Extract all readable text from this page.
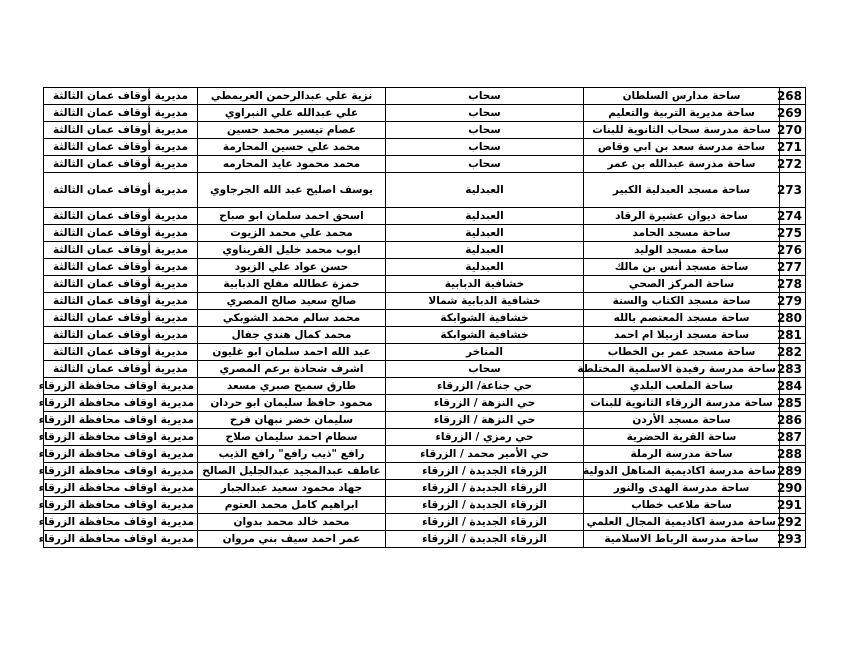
268	ساحة مدارس السلطان	سحاب	نزية علي عبدالرحمن العريمطي	مديرية أوقاف عمان الثالثة
269	ساحة مديرية التربية والتعليم	سحاب	علي عبدالله علي النبراوي	مديرية أوقاف عمان الثالثة
270	ساحة مدرسة سحاب الثانوية للبنات	سحاب	عصام تيسير محمد حسين	مديرية أوقاف عمان الثالثة
271	ساحة مدرسة سعد بن ابي وقاص	سحاب	محمد علي حسين المحارمة	مديرية أوقاف عمان الثالثة
272	ساحة مدرسة عبدالله بن عمر	سحاب	محمد محمود عايد المحارمه	مديرية أوقاف عمان الثالثة
273	ساحة مسجد العبدلية الكبير	العبدلية	يوسف اصليح عبد الله الجرجاوي	مديرية أوقاف عمان الثالثة
274	ساحة ديوان عشيرة الرقاد	العبدلية	اسحق احمد سلمان ابو صباح	مديرية أوقاف عمان الثالثة
275	ساحة مسجد الحامد	العبدلية	محمد علي محمد الزيوت	مديرية أوقاف عمان الثالثة
276	ساحة مسجد الوليد	العبدلية	ايوب محمد خليل القريناوي	مديرية أوقاف عمان الثالثة
277	ساحة مسجد أنس بن مالك	العبدلية	حسن عواد علي الزيود	مديرية أوقاف عمان الثالثة
278	ساحة المركز الصحي	خشافية الدبابية	حمزة عطالله مفلح الدبابية	مديرية أوقاف عمان الثالثة
279	ساحة مسجد الكتاب والسنة	خشافية الدبابية شمالا	صالح سعيد صالح المصري	مديرية أوقاف عمان الثالثة
280	ساحة مسجد المعتصم بالله	خشافية الشوابكة	محمد سالم محمد الشوبكي	مديرية أوقاف عمان الثالثة
281	ساحة مسجد ازبيلا ام احمد	خشافية الشوابكة	محمد كمال هندي جفال	مديرية أوقاف عمان الثالثة
282	ساحة مسجد عمر بن الخطاب	المناخر	عبد الله احمد سلمان ابو غليون	مديرية أوقاف عمان الثالثة
283	ساحة مدرسة رفيدة الاسلمية المختلطة	سحاب	اشرف شحادة برعم المصري	مديرية أوقاف عمان الثالثة
284	ساحة الملعب البلدي	حي جناعة/ الزرقاء	طارق سميح صبري مسعد	مديرية اوقاف محافظة الزرقاء
285	ساحة مدرسة الزرقاء الثانوية للبنات	حي النزهة / الزرقاء	محمود حافظ سليمان ابو حردان	مديرية اوقاف محافظة الزرقاء
286	ساحة مسجد الأردن	حي النزهة / الزرقاء	سليمان خضر نبهان فرح	مديرية اوقاف محافظة الزرقاء
287	ساحة القرية الحضرية	حي رمزي / الزرقاء	سطام احمد سليمان صلاح	مديرية اوقاف محافظة الزرقاء
288	ساحة مدرسة الرملة	حي الأمير محمد / الزرقاء	رافع "ذيب رافع" رافع الذيب	مديرية اوقاف محافظة الزرقاء
289	ساحة مدرسة اكاديمية المناهل الدولية	الزرقاء الجديدة / الزرقاء	عاطف عبدالمجيد عبدالجليل الصالح	مديرية اوقاف محافظة الزرقاء
290	ساحة مدرسة الهدى والنور	الزرقاء الجديدة / الزرقاء	جهاد محمود سعيد عبدالجبار	مديرية اوقاف محافظة الزرقاء
291	ساحة ملاعب خطاب	الزرقاء الجديدة / الزرقاء	ابراهيم كامل محمد العتوم	مديرية اوقاف محافظة الزرقاء
292	ساحة مدرسة اكاديمية المجال العلمي	الزرقاء الجديدة / الزرقاء	محمد خالد محمد بدوان	مديرية اوقاف محافظة الزرقاء
293	ساحة مدرسة الرباط الاسلامية	الزرقاء الجديدة / الزرقاء	عمر احمد سيف بني مروان	مديرية اوقاف محافظة الزرقاء
